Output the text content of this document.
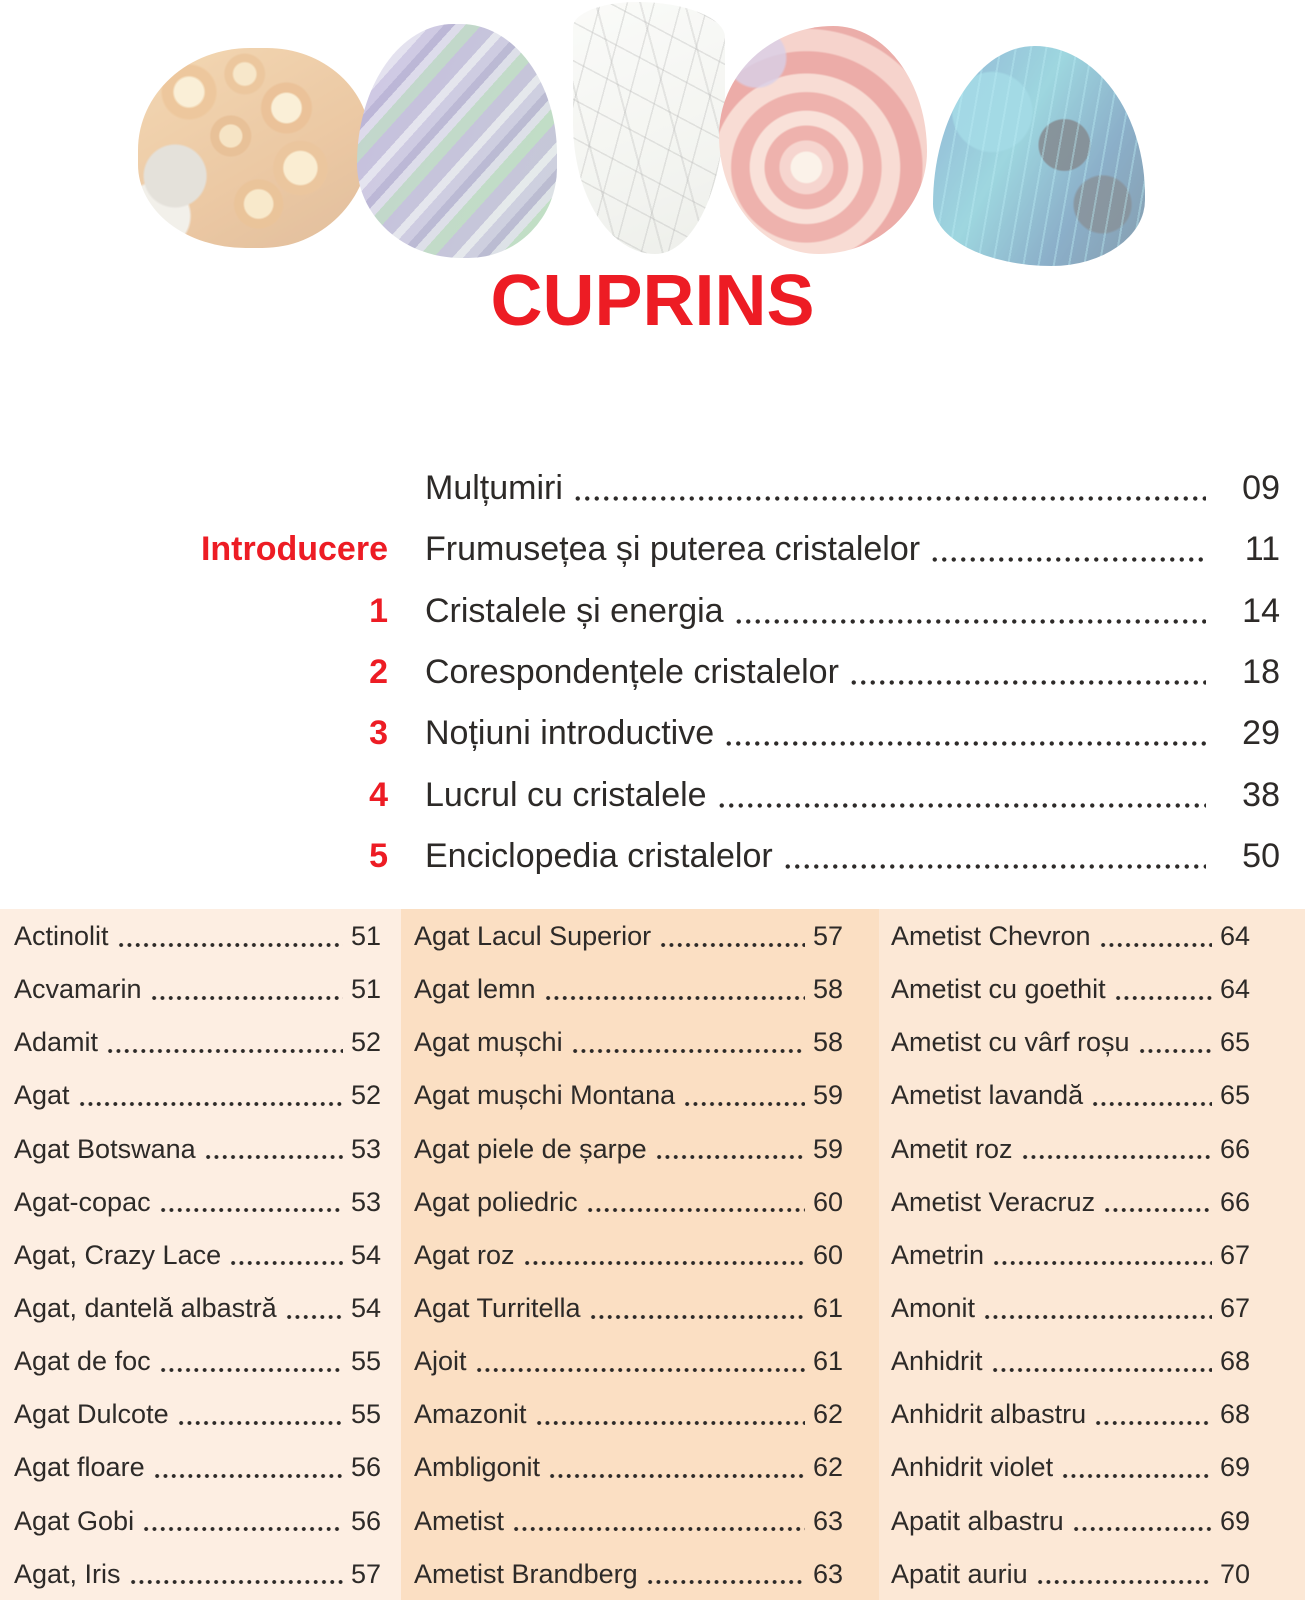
CUPRINS
Mulțumiri	09
Introducere	Frumusețea și puterea cristalelor	11
1	Cristalele și energia	14
2	Corespondențele cristalelor	18
3	Noțiuni introductive	29
4	Lucrul cu cristalele	38
5	Enciclopedia cristalelor	50
Actinolit	51
Acvamarin	51
Adamit	52
Agat	52
Agat Botswana	53
Agat-copac	53
Agat, Crazy Lace	54
Agat, dantelă albastră	54
Agat de foc	55
Agat Dulcote	55
Agat floare	56
Agat Gobi	56
Agat, Iris	57
Agat Lacul Superior	57
Agat lemn	58
Agat mușchi	58
Agat mușchi Montana	59
Agat piele de șarpe	59
Agat poliedric	60
Agat roz	60
Agat Turritella	61
Ajoit	61
Amazonit	62
Ambligonit	62
Ametist	63
Ametist Brandberg	63
Ametist Chevron	64
Ametist cu goethit	64
Ametist cu vârf roșu	65
Ametist lavandă	65
Ametit roz	66
Ametist Veracruz	66
Ametrin	67
Amonit	67
Anhidrit	68
Anhidrit albastru	68
Anhidrit violet	69
Apatit albastru	69
Apatit auriu	70
